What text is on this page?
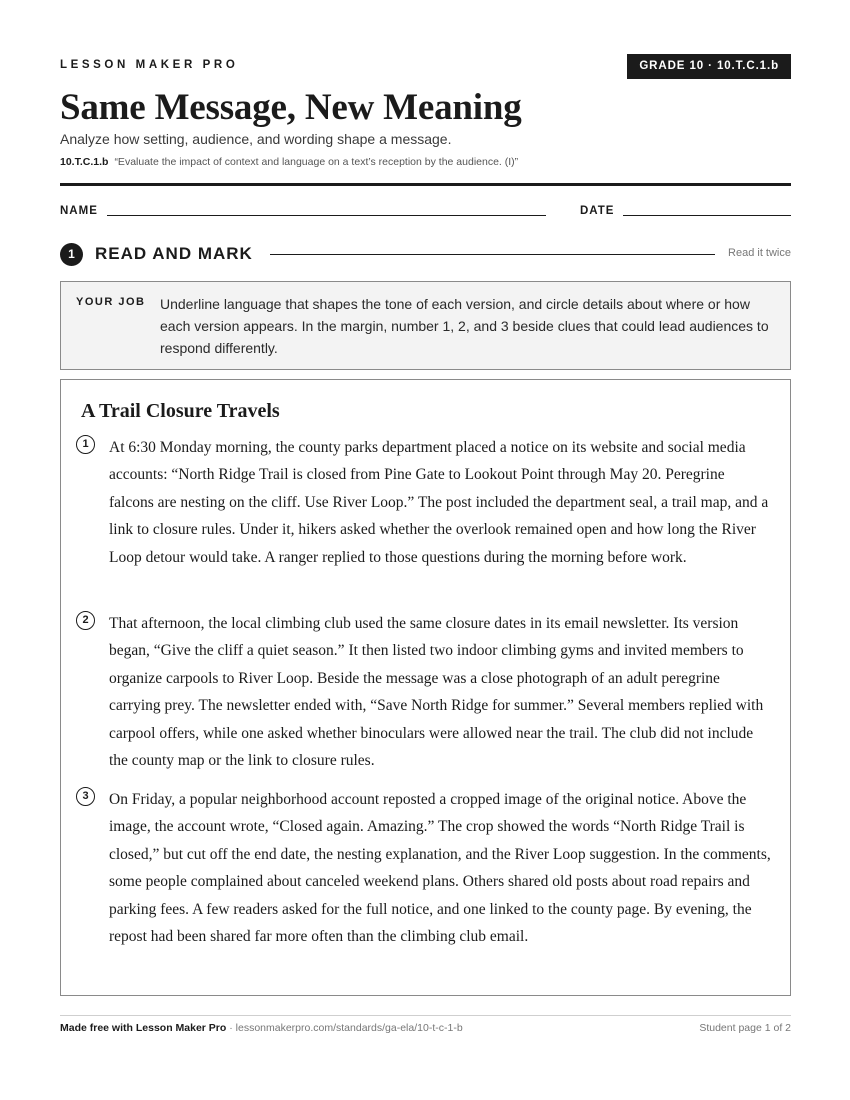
LESSON MAKER PRO	GRADE 10 · 10.T.C.1.b
Same Message, New Meaning
Analyze how setting, audience, and wording shape a message.
10.T.C.1.b “Evaluate the impact of context and language on a text’s reception by the audience. (I)”
NAME	DATE
1	READ AND MARK	Read it twice
YOUR JOB Underline language that shapes the tone of each version, and circle details about where or how each version appears. In the margin, number 1, 2, and 3 beside clues that could lead audiences to respond differently.
A Trail Closure Travels
1	At 6:30 Monday morning, the county parks department placed a notice on its website and social media accounts: “North Ridge Trail is closed from Pine Gate to Lookout Point through May 20. Peregrine falcons are nesting on the cliff. Use River Loop.” The post included the department seal, a trail map, and a link to closure rules. Under it, hikers asked whether the overlook remained open and how long the River Loop detour would take. A ranger replied to those questions during the morning before work.

2	That afternoon, the local climbing club used the same closure dates in its email newsletter. Its version began, “Give the cliff a quiet season.” It then listed two indoor climbing gyms and invited members to organize carpools to River Loop. Beside the message was a close photograph of an adult peregrine carrying prey. The newsletter ended with, “Save North Ridge for summer.” Several members replied with carpool offers, while one asked whether binoculars were allowed near the trail. The club did not include the county map or the link to closure rules.

3	On Friday, a popular neighborhood account reposted a cropped image of the original notice. Above the image, the account wrote, “Closed again. Amazing.” The crop showed the words “North Ridge Trail is closed,” but cut off the end date, the nesting explanation, and the River Loop suggestion. In the comments, some people complained about canceled weekend plans. Others shared old posts about road repairs and parking fees. A few readers asked for the full notice, and one linked to the county page. By evening, the repost had been shared far more often than the climbing club email.

Made free with Lesson Maker Pro · lessonmakerpro.com/standards/ga-ela/10-t-c-1-b	Student page 1 of 2
